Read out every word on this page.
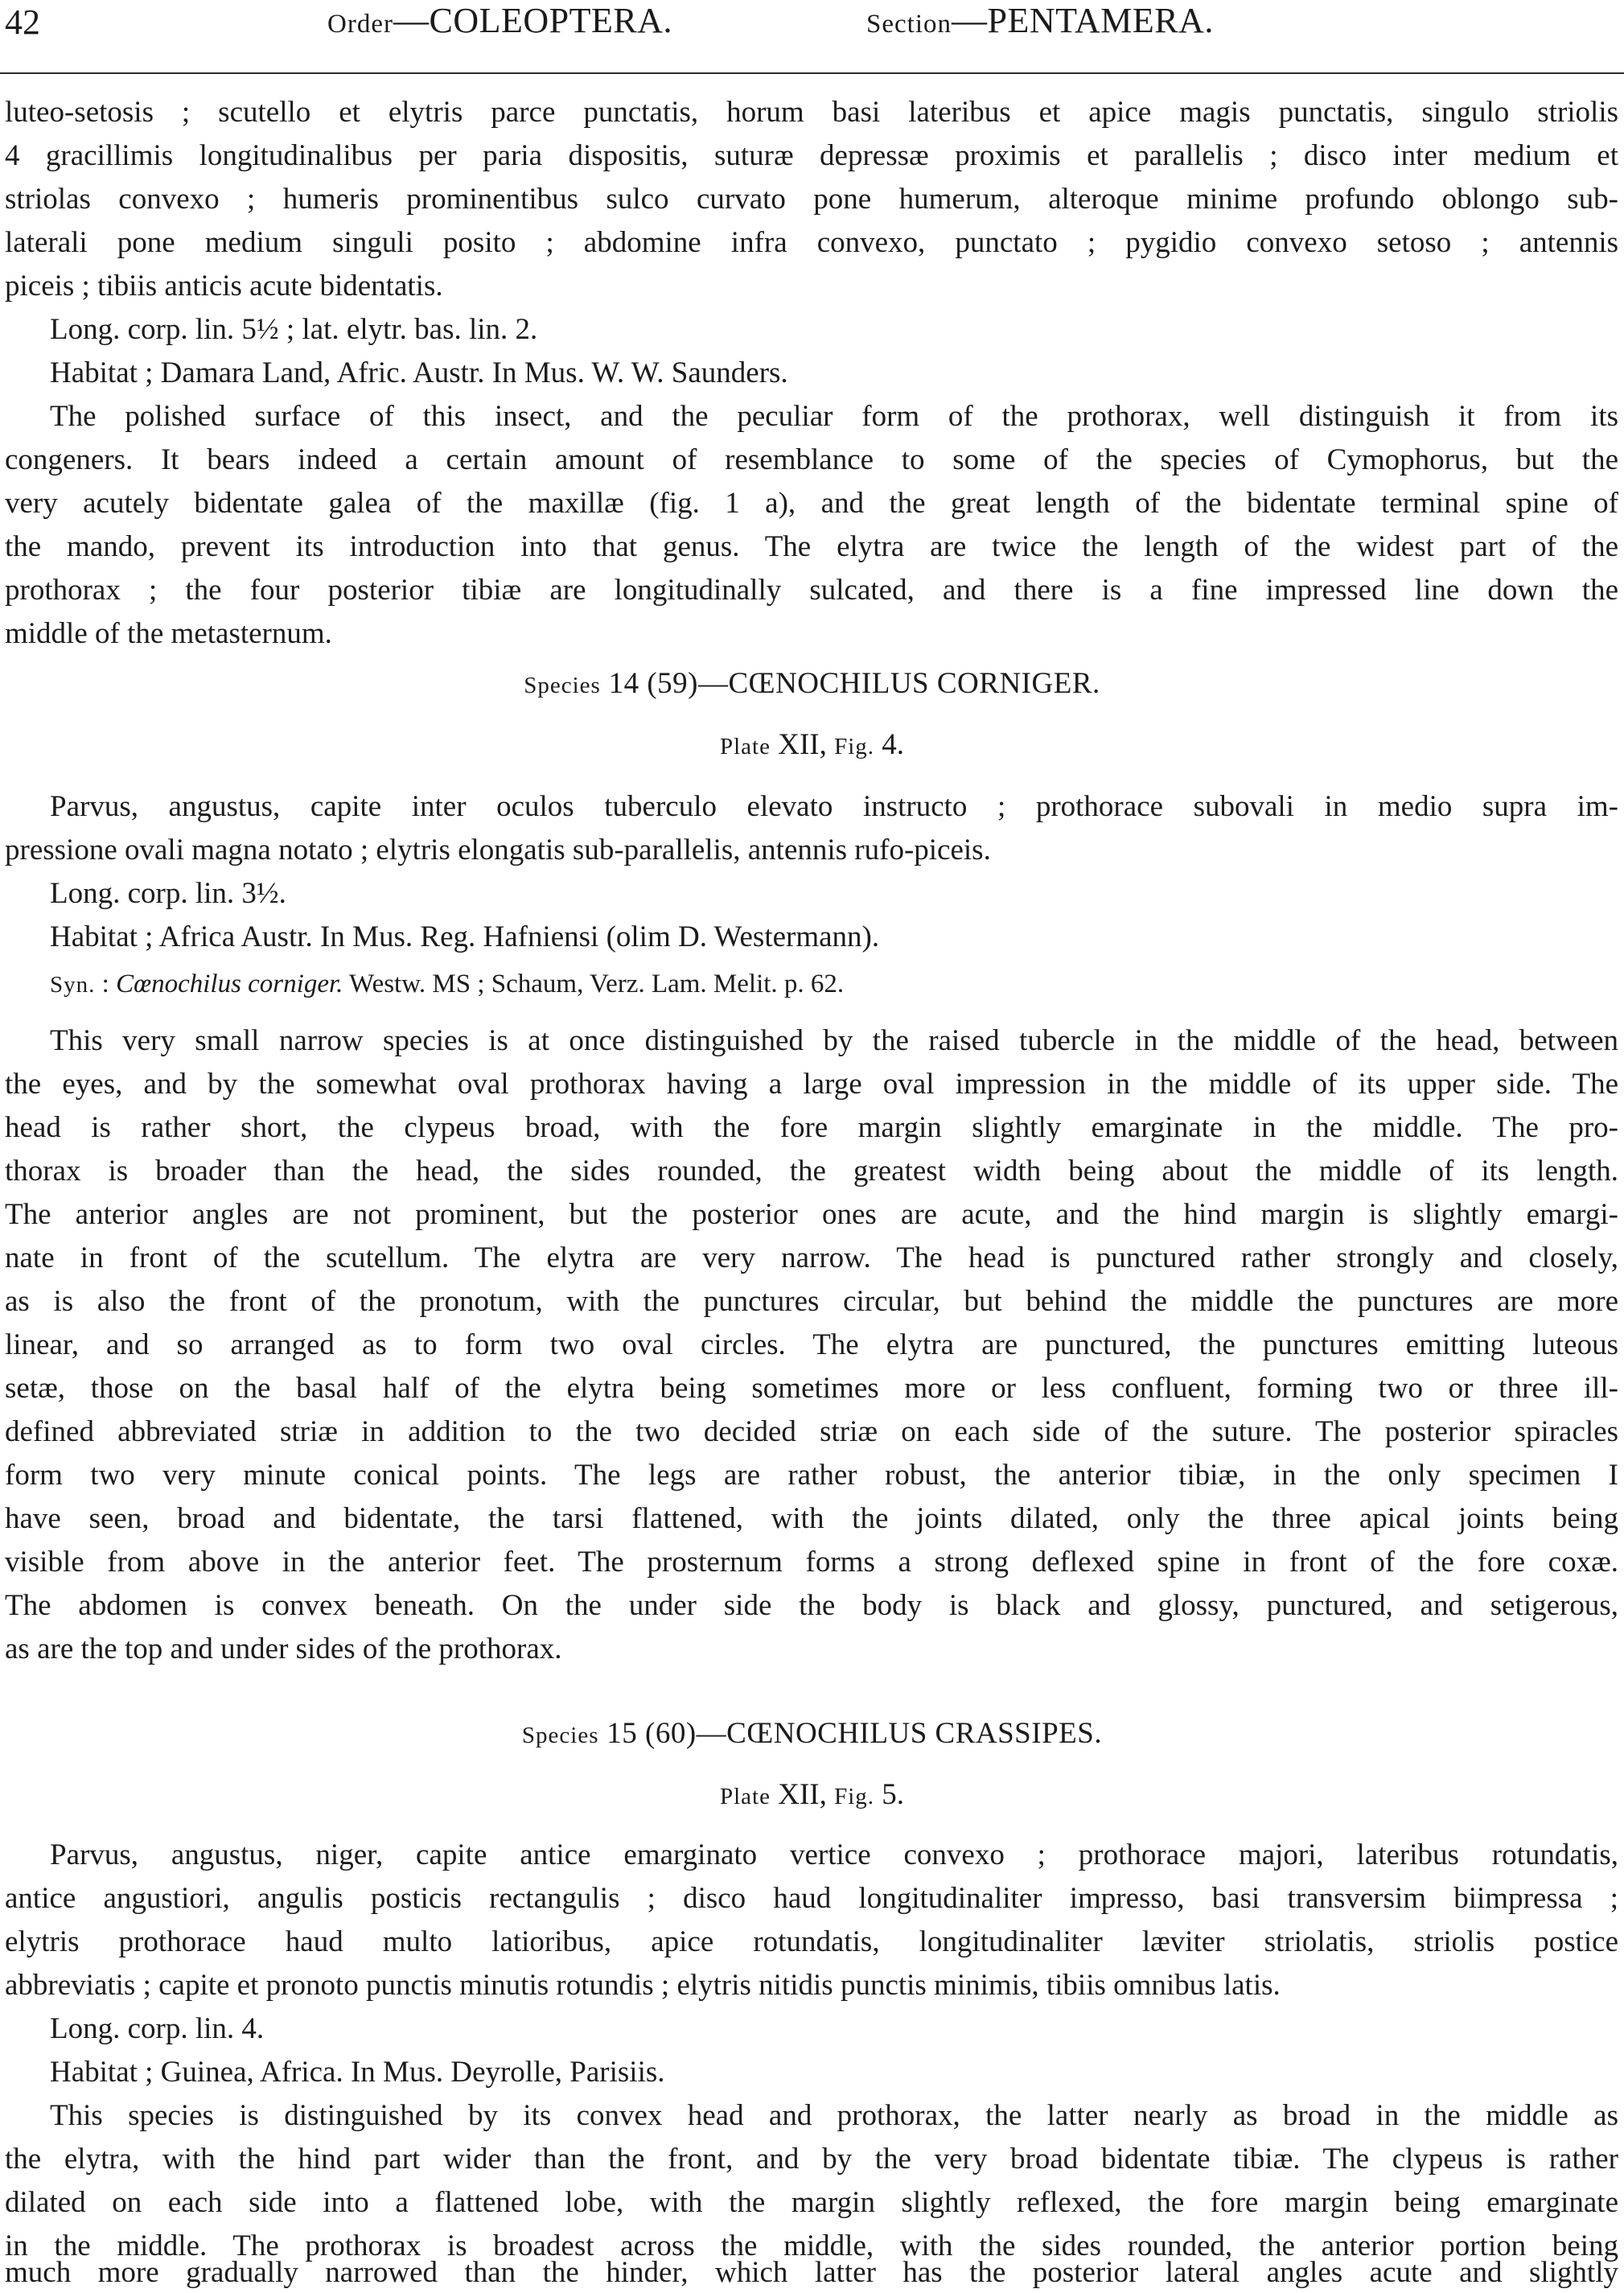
42	Order—COLEOPTERA.	Section—PENTAMERA.
luteo-setosis ; scutello et elytris parce punctatis, horum basi lateribus et apice magis punctatis, singulo striolis
4 gracillimis longitudinalibus per paria dispositis, suturæ depressæ proximis et parallelis ; disco inter medium et
striolas convexo ; humeris prominentibus sulco curvato pone humerum, alteroque minime profundo oblongo sub-
laterali pone medium singuli posito ; abdomine infra convexo, punctato ; pygidio convexo setoso ; antennis
piceis ; tibiis anticis acute bidentatis.
Long. corp. lin. 5½ ; lat. elytr. bas. lin. 2.
Habitat ; Damara Land, Afric. Austr. In Mus. W. W. Saunders.
The polished surface of this insect, and the peculiar form of the prothorax, well distinguish it from its
congeners. It bears indeed a certain amount of resemblance to some of the species of Cymophorus, but the
very acutely bidentate galea of the maxillæ (fig. 1 a), and the great length of the bidentate terminal spine of
the mando, prevent its introduction into that genus. The elytra are twice the length of the widest part of the
prothorax ; the four posterior tibiæ are longitudinally sulcated, and there is a fine impressed line down the
middle of the metasternum.
Species 14 (59)—CŒNOCHILUS CORNIGER.
Plate XII, Fig. 4.
Parvus, angustus, capite inter oculos tuberculo elevato instructo ; prothorace subovali in medio supra im-
pressione ovali magna notato ; elytris elongatis sub-parallelis, antennis rufo-piceis.
Long. corp. lin. 3½.
Habitat ; Africa Austr. In Mus. Reg. Hafniensi (olim D. Westermann).
Syn. : Cœnochilus corniger. Westw. MS ; Schaum, Verz. Lam. Melit. p. 62.
This very small narrow species is at once distinguished by the raised tubercle in the middle of the head, between
the eyes, and by the somewhat oval prothorax having a large oval impression in the middle of its upper side. The
head is rather short, the clypeus broad, with the fore margin slightly emarginate in the middle. The pro-
thorax is broader than the head, the sides rounded, the greatest width being about the middle of its length.
The anterior angles are not prominent, but the posterior ones are acute, and the hind margin is slightly emargi-
nate in front of the scutellum. The elytra are very narrow. The head is punctured rather strongly and closely,
as is also the front of the pronotum, with the punctures circular, but behind the middle the punctures are more
linear, and so arranged as to form two oval circles. The elytra are punctured, the punctures emitting luteous
setæ, those on the basal half of the elytra being sometimes more or less confluent, forming two or three ill-
defined abbreviated striæ in addition to the two decided striæ on each side of the suture. The posterior spiracles
form two very minute conical points. The legs are rather robust, the anterior tibiæ, in the only specimen I
have seen, broad and bidentate, the tarsi flattened, with the joints dilated, only the three apical joints being
visible from above in the anterior feet. The prosternum forms a strong deflexed spine in front of the fore coxæ.
The abdomen is convex beneath. On the under side the body is black and glossy, punctured, and setigerous,
as are the top and under sides of the prothorax.
Species 15 (60)—CŒNOCHILUS CRASSIPES.
Plate XII, Fig. 5.
Parvus, angustus, niger, capite antice emarginato vertice convexo ; prothorace majori, lateribus rotundatis,
antice angustiori, angulis posticis rectangulis ; disco haud longitudinaliter impresso, basi transversim biimpressa ;
elytris prothorace haud multo latioribus, apice rotundatis, longitudinaliter læviter striolatis, striolis postice
abbreviatis ; capite et pronoto punctis minutis rotundis ; elytris nitidis punctis minimis, tibiis omnibus latis.
Long. corp. lin. 4.
Habitat ; Guinea, Africa. In Mus. Deyrolle, Parisiis.
This species is distinguished by its convex head and prothorax, the latter nearly as broad in the middle as
the elytra, with the hind part wider than the front, and by the very broad bidentate tibiæ. The clypeus is rather
dilated on each side into a flattened lobe, with the margin slightly reflexed, the fore margin being emarginate
in the middle. The prothorax is broadest across the middle, with the sides rounded, the anterior portion being
much more gradually narrowed than the hinder, which latter has the posterior lateral angles acute and slightly
